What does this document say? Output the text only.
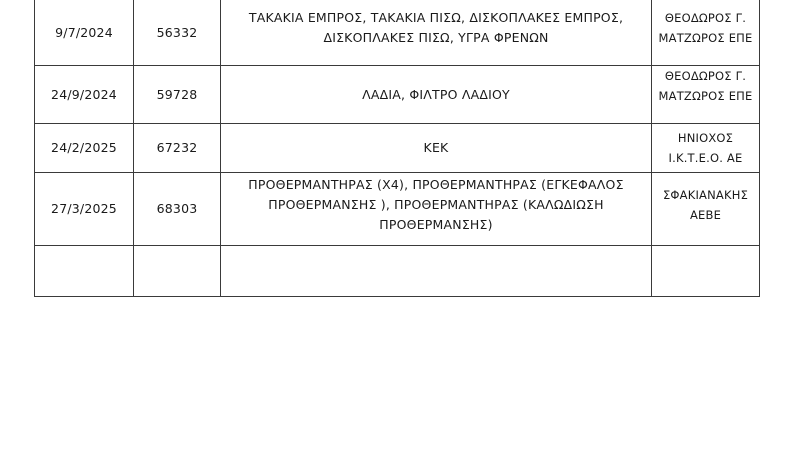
9/7/2024	56332	ΤΑΚΑΚΙΑ ΕΜΠΡΟΣ, ΤΑΚΑΚΙΑ ΠΙΣΩ, ΔΙΣΚΟΠΛΑΚΕΣ ΕΜΠΡΟΣ,
ΔΙΣΚΟΠΛΑΚΕΣ ΠΙΣΩ, ΥΓΡΑ ΦΡΕΝΩΝ	ΘΕΟΔΩΡΟΣ Γ.
ΜΑΤΖΩΡΟΣ ΕΠΕ
24/9/2024	59728	ΛΑΔΙΑ, ΦΙΛΤΡΟ ΛΑΔΙΟΥ	ΘΕΟΔΩΡΟΣ Γ.
ΜΑΤΖΩΡΟΣ ΕΠΕ
24/2/2025	67232	ΚΕΚ	ΗΝΙΟΧΟΣ
Ι.Κ.Τ.Ε.Ο. ΑΕ
27/3/2025	68303	ΠΡΟΘΕΡΜΑΝΤΗΡΑΣ (Χ4), ΠΡΟΘΕΡΜΑΝΤΗΡΑΣ (ΕΓΚΕΦΑΛΟΣ
ΠΡΟΘΕΡΜΑΝΣΗΣ ), ΠΡΟΘΕΡΜΑΝΤΗΡΑΣ (ΚΑΛΩΔΙΩΣΗ
ΠΡΟΘΕΡΜΑΝΣΗΣ)	ΣΦΑΚΙΑΝΑΚΗΣ
ΑΕΒΕ
